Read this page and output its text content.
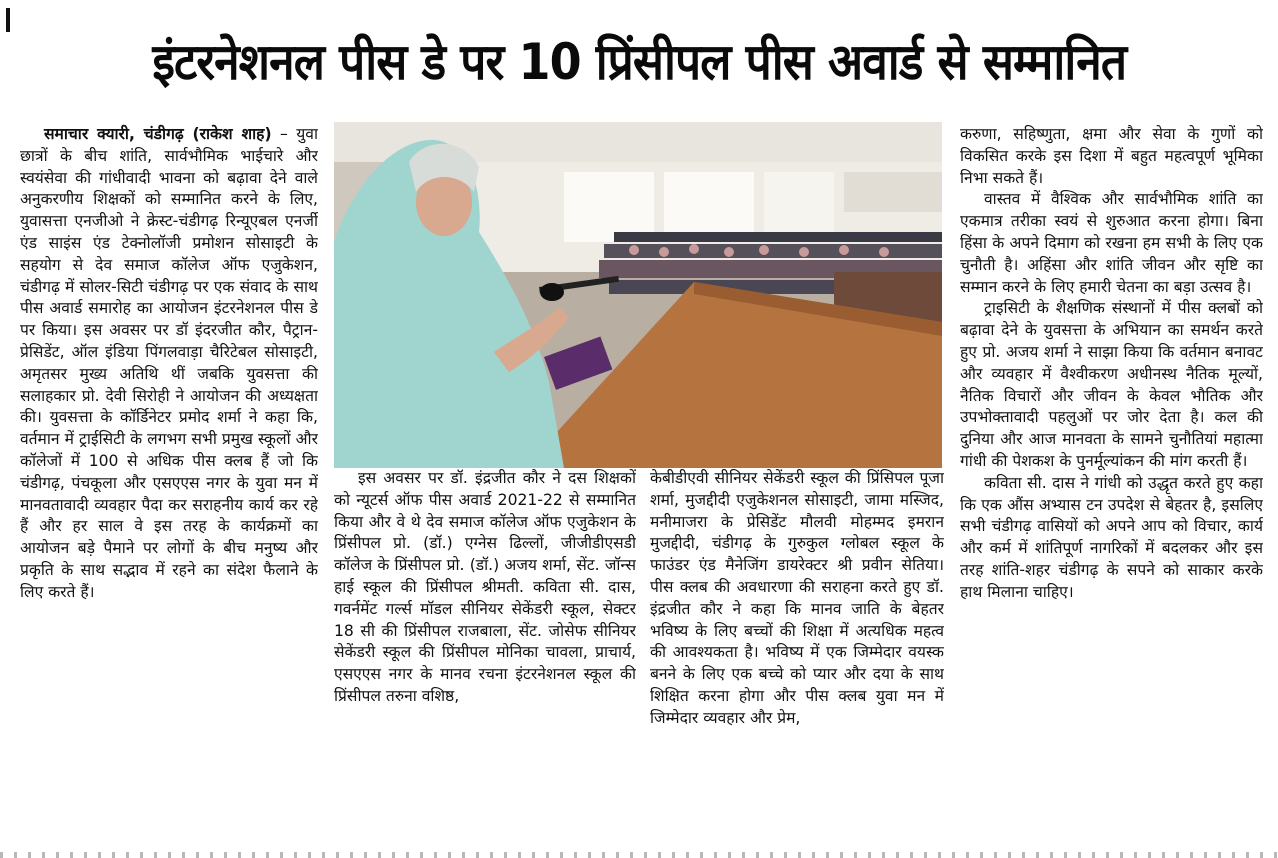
इंटरनेशनल पीस डे पर 10 प्रिंसीपल पीस अवार्ड से सम्मानित

समाचार क्यारी, चंडीगढ़ (राकेश शाह) – युवा छात्रों के बीच शांति, सार्वभौमिक भाईचारे और स्वयंसेवा की गांधीवादी भावना को बढ़ावा देने वाले अनुकरणीय शिक्षकों को सम्मानित करने के लिए, युवासत्ता एनजीओ ने क्रेस्ट-चंडीगढ़ रिन्यूएबल एनर्जी एंड साइंस एंड टेक्नोलॉजी प्रमोशन सोसाइटी के सहयोग से देव समाज कॉलेज ऑफ एजुकेशन, चंडीगढ़ में सोलर-सिटी चंडीगढ़ पर एक संवाद के साथ पीस अवार्ड समारोह का आयोजन इंटरनेशनल पीस डे पर किया। इस अवसर पर डॉ इंदरजीत कौर, पैट्रान-प्रेसिडेंट, ऑल इंडिया पिंगलवाड़ा चैरिटेबल सोसाइटी, अमृतसर मुख्य अतिथि थीं जबकि युवसत्ता की सलाहकार प्रो. देवी सिरोही ने आयोजन की अध्यक्षता की। युवसत्ता के कॉर्डिनेटर प्रमोद शर्मा ने कहा कि, वर्तमान में ट्राईसिटी के लगभग सभी प्रमुख स्कूलों और कॉलेजों में 100 से अधिक पीस क्लब हैं जो कि चंडीगढ़, पंचकूला और एसएएस नगर के युवा मन में मानवतावादी व्यवहार पैदा कर सराहनीय कार्य कर रहे हैं और हर साल वे इस तरह के कार्यक्रमों का आयोजन बड़े पैमाने पर लोगों के बीच मनुष्य और प्रकृति के साथ सद्भाव में रहने का संदेश फैलाने के लिए करते हैं।

इस अवसर पर डॉ. इंद्रजीत कौर ने दस शिक्षकों को न्यूटर्स ऑफ पीस अवार्ड 2021-22 से सम्मानित किया और वे थे देव समाज कॉलेज ऑफ एजुकेशन के प्रिंसीपल प्रो. (डॉ.) एग्नेस ढिल्लों, जीजीडीएसडी कॉलेज के प्रिंसीपल प्रो. (डॉ.) अजय शर्मा, सेंट. जॉन्स हाई स्कूल की प्रिंसीपल श्रीमती. कविता सी. दास, गवर्नमेंट गर्ल्स मॉडल सीनियर सेकेंडरी स्कूल, सेक्टर 18 सी की प्रिंसीपल राजबाला, सेंट. जोसेफ सीनियर सेकेंडरी स्कूल की प्रिंसीपल मोनिका चावला, प्राचार्य, एसएएस नगर के मानव रचना इंटरनेशनल स्कूल की प्रिंसीपल तरुना वशिष्ठ,

केबीडीएवी सीनियर सेकेंडरी स्कूल की प्रिंसिपल पूजा शर्मा, मुजद्दीदी एजुकेशनल सोसाइटी, जामा मस्जिद, मनीमाजरा के प्रेसिडेंट मौलवी मोहम्मद इमरान मुजद्दीदी, चंडीगढ़ के गुरुकुल ग्लोबल स्कूल के फाउंडर एंड मैनेजिंग डायरेक्टर श्री प्रवीन सेतिया। पीस क्लब की अवधारणा की सराहना करते हुए डॉ. इंद्रजीत कौर ने कहा कि मानव जाति के बेहतर भविष्य के लिए बच्चों की शिक्षा में अत्यधिक महत्व की आवश्यकता है। भविष्य में एक जिम्मेदार वयस्क बनने के लिए एक बच्चे को प्यार और दया के साथ शिक्षित करना होगा और पीस क्लब युवा मन में जिम्मेदार व्यवहार और प्रेम,

करुणा, सहिष्णुता, क्षमा और सेवा के गुणों को विकसित करके इस दिशा में बहुत महत्वपूर्ण भूमिका निभा सकते हैं।

वास्तव में वैश्विक और सार्वभौमिक शांति का एकमात्र तरीका स्वयं से शुरुआत करना होगा। बिना हिंसा के अपने दिमाग को रखना हम सभी के लिए एक चुनौती है। अहिंसा और शांति जीवन और सृष्टि का सम्मान करने के लिए हमारी चेतना का बड़ा उत्सव है।

ट्राइसिटी के शैक्षणिक संस्थानों में पीस क्लबों को बढ़ावा देने के युवसत्ता के अभियान का समर्थन करते हुए प्रो. अजय शर्मा ने साझा किया कि वर्तमान बनावट और व्यवहार में वैश्वीकरण अधीनस्थ नैतिक मूल्यों, नैतिक विचारों और जीवन के केवल भौतिक और उपभोक्तावादी पहलुओं पर जोर देता है। कल की दुनिया और आज मानवता के सामने चुनौतियां महात्मा गांधी की पेशकश के पुनर्मूल्यांकन की मांग करती हैं।

कविता सी. दास ने गांधी को उद्धृत करते हुए कहा कि एक औंस अभ्यास टन उपदेश से बेहतर है, इसलिए सभी चंडीगढ़ वासियों को अपने आप को विचार, कार्य और कर्म में शांतिपूर्ण नागरिकों में बदलकर और इस तरह शांति-शहर चंडीगढ़ के सपने को साकार करके हाथ मिलाना चाहिए।
